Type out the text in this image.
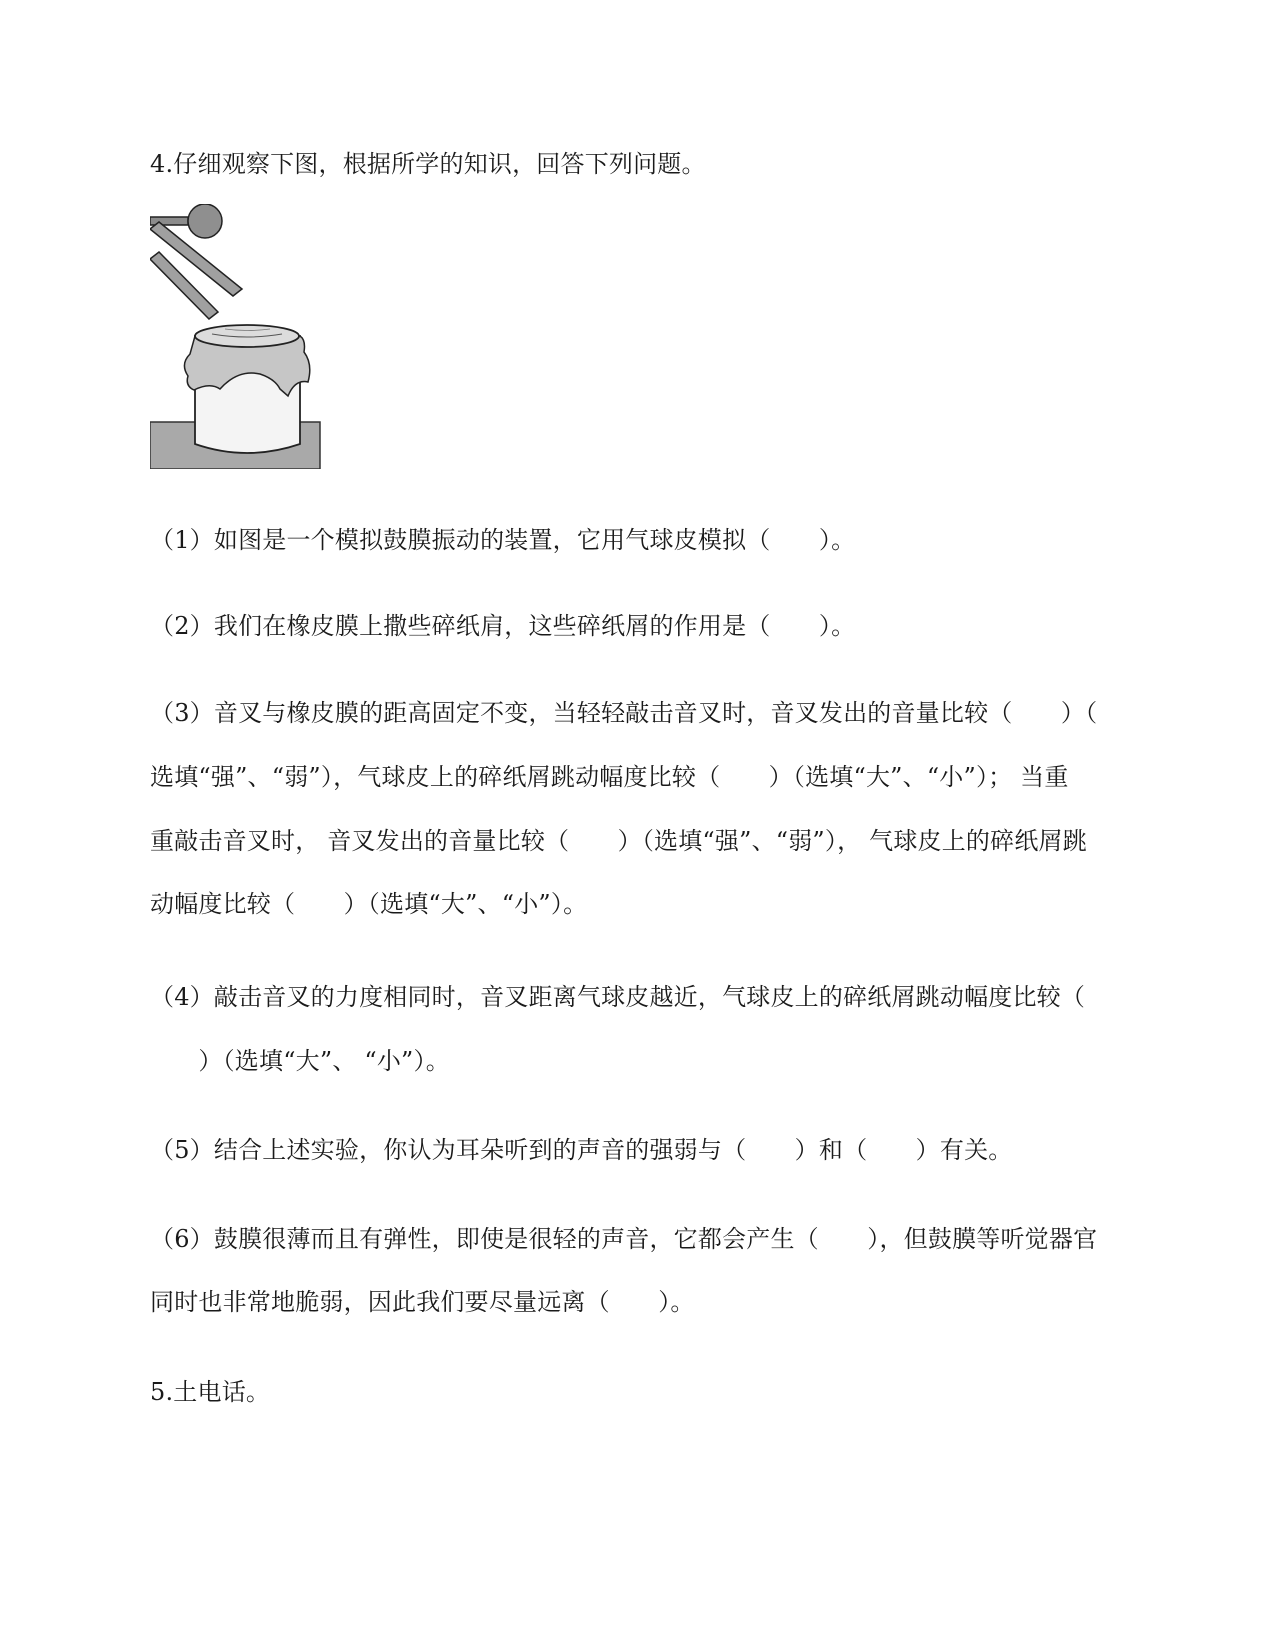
4.仔细观察下图，根据所学的知识，回答下列问题。
（1）如图是一个模拟鼓膜振动的装置，它用气球皮模拟（　　）。
（2）我们在橡皮膜上撒些碎纸肩，这些碎纸屑的作用是（　　）。
（3）音叉与橡皮膜的距高固定不变，当轻轻敲击音叉时，音叉发出的音量比较（　　）（
选填“强”、“弱”），气球皮上的碎纸屑跳动幅度比较（　　）（选填“大”、“小”）； 当重
重敲击音叉时， 音叉发出的音量比较（　　）（选填“强”、“弱”）， 气球皮上的碎纸屑跳
动幅度比较（　　）（选填“大”、“小”）。
（4）敲击音叉的力度相同时，音叉距离气球皮越近，气球皮上的碎纸屑跳动幅度比较（
　　）（选填“大”、 “小”）。
（5）结合上述实验，你认为耳朵听到的声音的强弱与（　　）和（　　）有关。
（6）鼓膜很薄而且有弹性，即使是很轻的声音，它都会产生（　　），但鼓膜等听觉器官
同时也非常地脆弱，因此我们要尽量远离（　　）。
5.土电话。
